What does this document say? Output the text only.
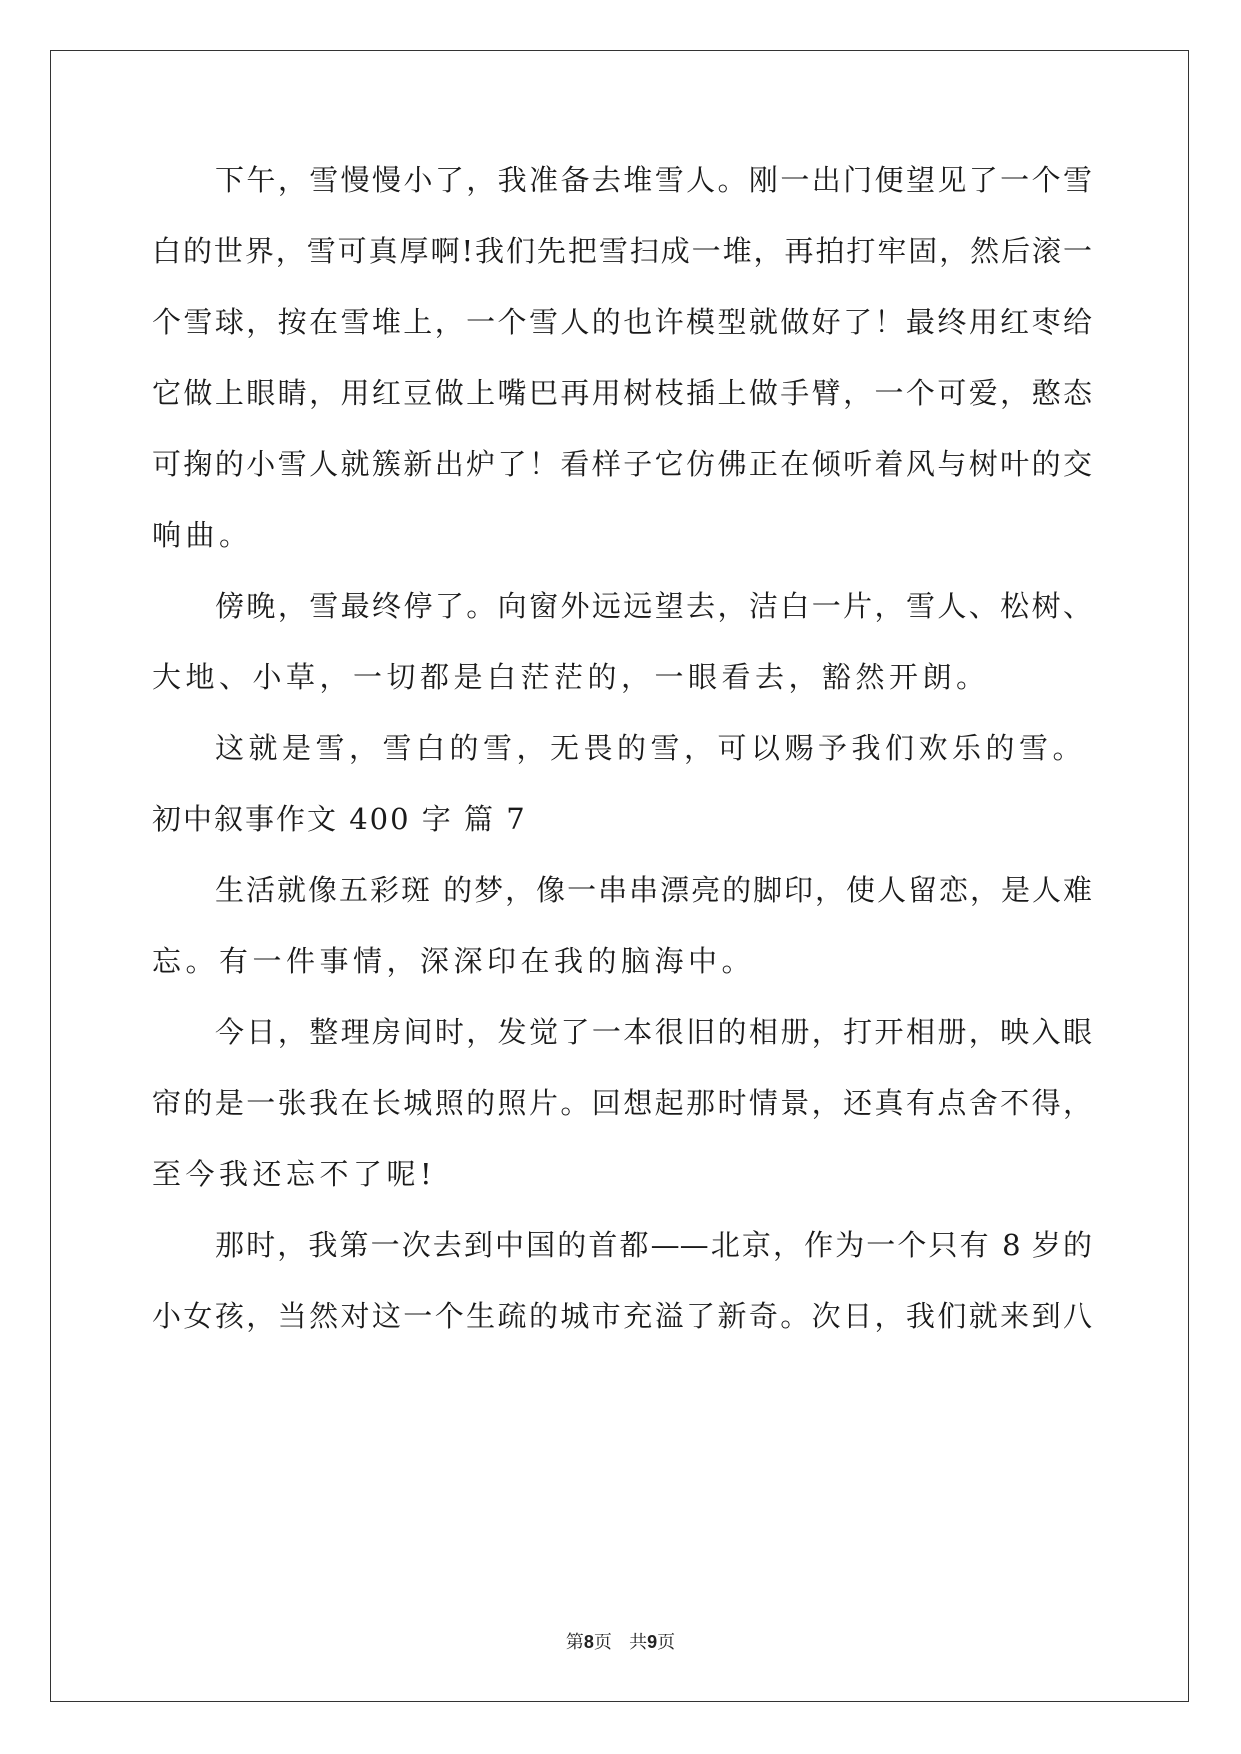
下午，雪慢慢小了，我准备去堆雪人。刚一出门便望见了一个雪
白的世界，雪可真厚啊!我们先把雪扫成一堆，再拍打牢固，然后滚一
个雪球，按在雪堆上，一个雪人的也许模型就做好了！最终用红枣给
它做上眼睛，用红豆做上嘴巴再用树枝插上做手臂，一个可爱，憨态
可掬的小雪人就簇新出炉了！看样子它仿佛正在倾听着风与树叶的交
响曲。
傍晚，雪最终停了。向窗外远远望去，洁白一片，雪人、松树、
大地、小草，一切都是白茫茫的，一眼看去，豁然开朗。
这就是雪，雪白的雪，无畏的雪，可以赐予我们欢乐的雪。
初中叙事作文 400 字 篇 7
生活就像五彩斑 的梦，像一串串漂亮的脚印，使人留恋，是人难
忘。有一件事情，深深印在我的脑海中。
今日，整理房间时，发觉了一本很旧的相册，打开相册，映入眼
帘的是一张我在长城照的照片。回想起那时情景，还真有点舍不得，
至今我还忘不了呢!
那时，我第一次去到中国的首都——北京，作为一个只有 8 岁的
小女孩，当然对这一个生疏的城市充溢了新奇。次日，我们就来到八
第8页   共9页
